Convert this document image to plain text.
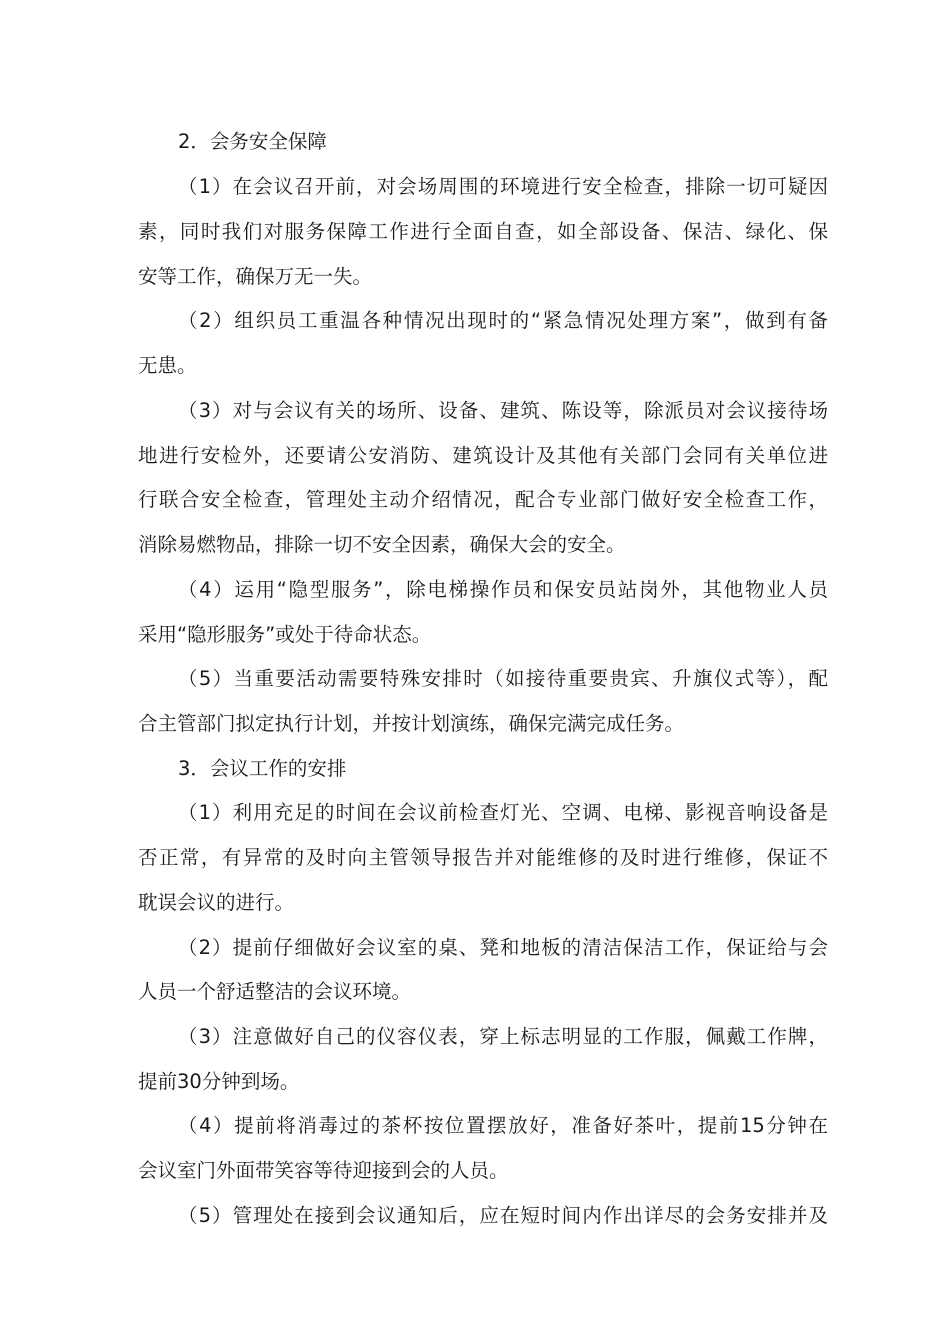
2．会务安全保障
（1）在会议召开前，对会场周围的环境进行安全检查，排除一切可疑因
素，同时我们对服务保障工作进行全面自查，如全部设备、保洁、绿化、保
安等工作，确保万无一失。
（2）组织员工重温各种情况出现时的“紧急情况处理方案”，做到有备
无患。
（3）对与会议有关的场所、设备、建筑、陈设等，除派员对会议接待场
地进行安检外，还要请公安消防、建筑设计及其他有关部门会同有关单位进
行联合安全检查，管理处主动介绍情况，配合专业部门做好安全检查工作，
消除易燃物品，排除一切不安全因素，确保大会的安全。
（4）运用“隐型服务”，除电梯操作员和保安员站岗外，其他物业人员
采用“隐形服务”或处于待命状态。
（5）当重要活动需要特殊安排时（如接待重要贵宾、升旗仪式等），配
合主管部门拟定执行计划，并按计划演练，确保完满完成任务。
3．会议工作的安排
（1）利用充足的时间在会议前检查灯光、空调、电梯、影视音响设备是
否正常，有异常的及时向主管领导报告并对能维修的及时进行维修，保证不
耽误会议的进行。
（2）提前仔细做好会议室的桌、凳和地板的清洁保洁工作，保证给与会
人员一个舒适整洁的会议环境。
（3）注意做好自己的仪容仪表，穿上标志明显的工作服，佩戴工作牌，
提前30分钟到场。
（4）提前将消毒过的茶杯按位置摆放好，准备好茶叶，提前15分钟在
会议室门外面带笑容等待迎接到会的人员。
（5）管理处在接到会议通知后，应在短时间内作出详尽的会务安排并及
